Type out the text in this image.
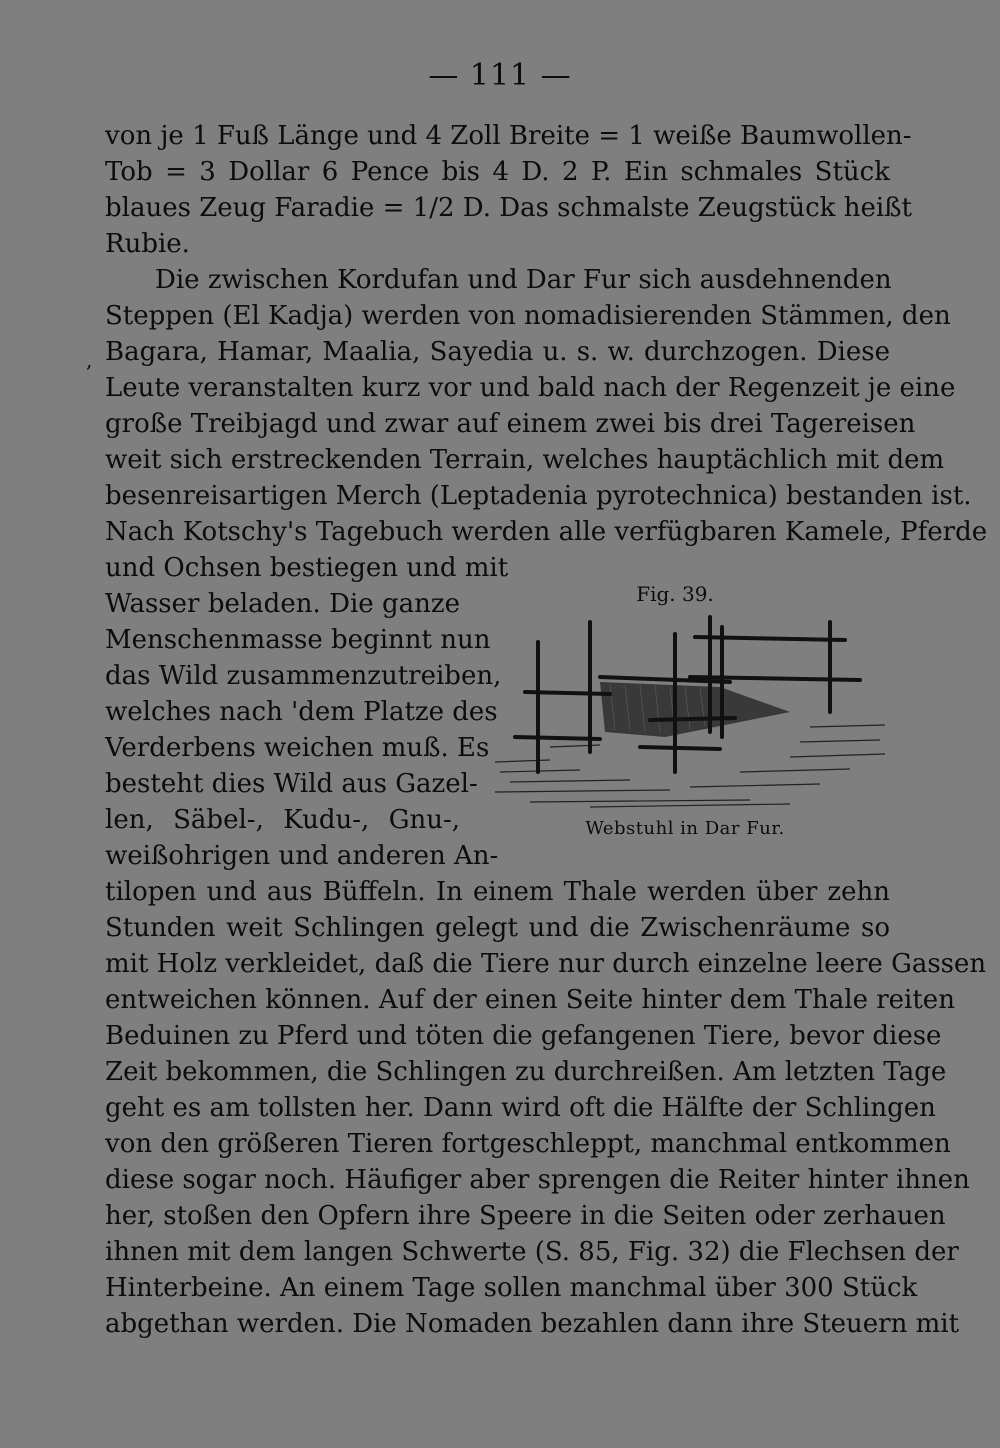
— 111 —
,
von je 1 Fuß Länge und 4 Zoll Breite = 1 weiße Baumwollen-
Tob = 3 Dollar 6 Pence bis 4 D. 2 P. Ein schmales Stück
blaues Zeug Faradie = 1/2 D. Das schmalste Zeugstück heißt
Rubie.
Die zwischen Kordufan und Dar Fur sich ausdehnenden
Steppen (El Kadja) werden von nomadisierenden Stämmen, den
Bagara, Hamar, Maalia, Sayedia u. s. w. durchzogen. Diese
Leute veranstalten kurz vor und bald nach der Regenzeit je eine
große Treibjagd und zwar auf einem zwei bis drei Tagereisen
weit sich erstreckenden Terrain, welches hauptächlich mit dem
besenreisartigen Merch (Leptadenia pyrotechnica) bestanden ist.
Nach Kotschy's Tagebuch werden alle verfügbaren Kamele, Pferde
und Ochsen bestiegen und mit
Wasser beladen. Die ganze
Menschenmasse beginnt nun
das Wild zusammenzutreiben,
welches nach 'dem Platze des
Verderbens weichen muß. Es
besteht dies Wild aus Gazel-
len, Säbel-, Kudu-, Gnu-,
weißohrigen und anderen An-
tilopen und aus Büffeln. In einem Thale werden über zehn
Stunden weit Schlingen gelegt und die Zwischenräume so
mit Holz verkleidet, daß die Tiere nur durch einzelne leere Gassen
entweichen können. Auf der einen Seite hinter dem Thale reiten
Beduinen zu Pferd und töten die gefangenen Tiere, bevor diese
Zeit bekommen, die Schlingen zu durchreißen. Am letzten Tage
geht es am tollsten her. Dann wird oft die Hälfte der Schlingen
von den größeren Tieren fortgeschleppt, manchmal entkommen
diese sogar noch. Häufiger aber sprengen die Reiter hinter ihnen
her, stoßen den Opfern ihre Speere in die Seiten oder zerhauen
ihnen mit dem langen Schwerte (S. 85, Fig. 32) die Flechsen der
Hinterbeine. An einem Tage sollen manchmal über 300 Stück
abgethan werden. Die Nomaden bezahlen dann ihre Steuern mit
Fig. 39.
Webstuhl in Dar Fur.
